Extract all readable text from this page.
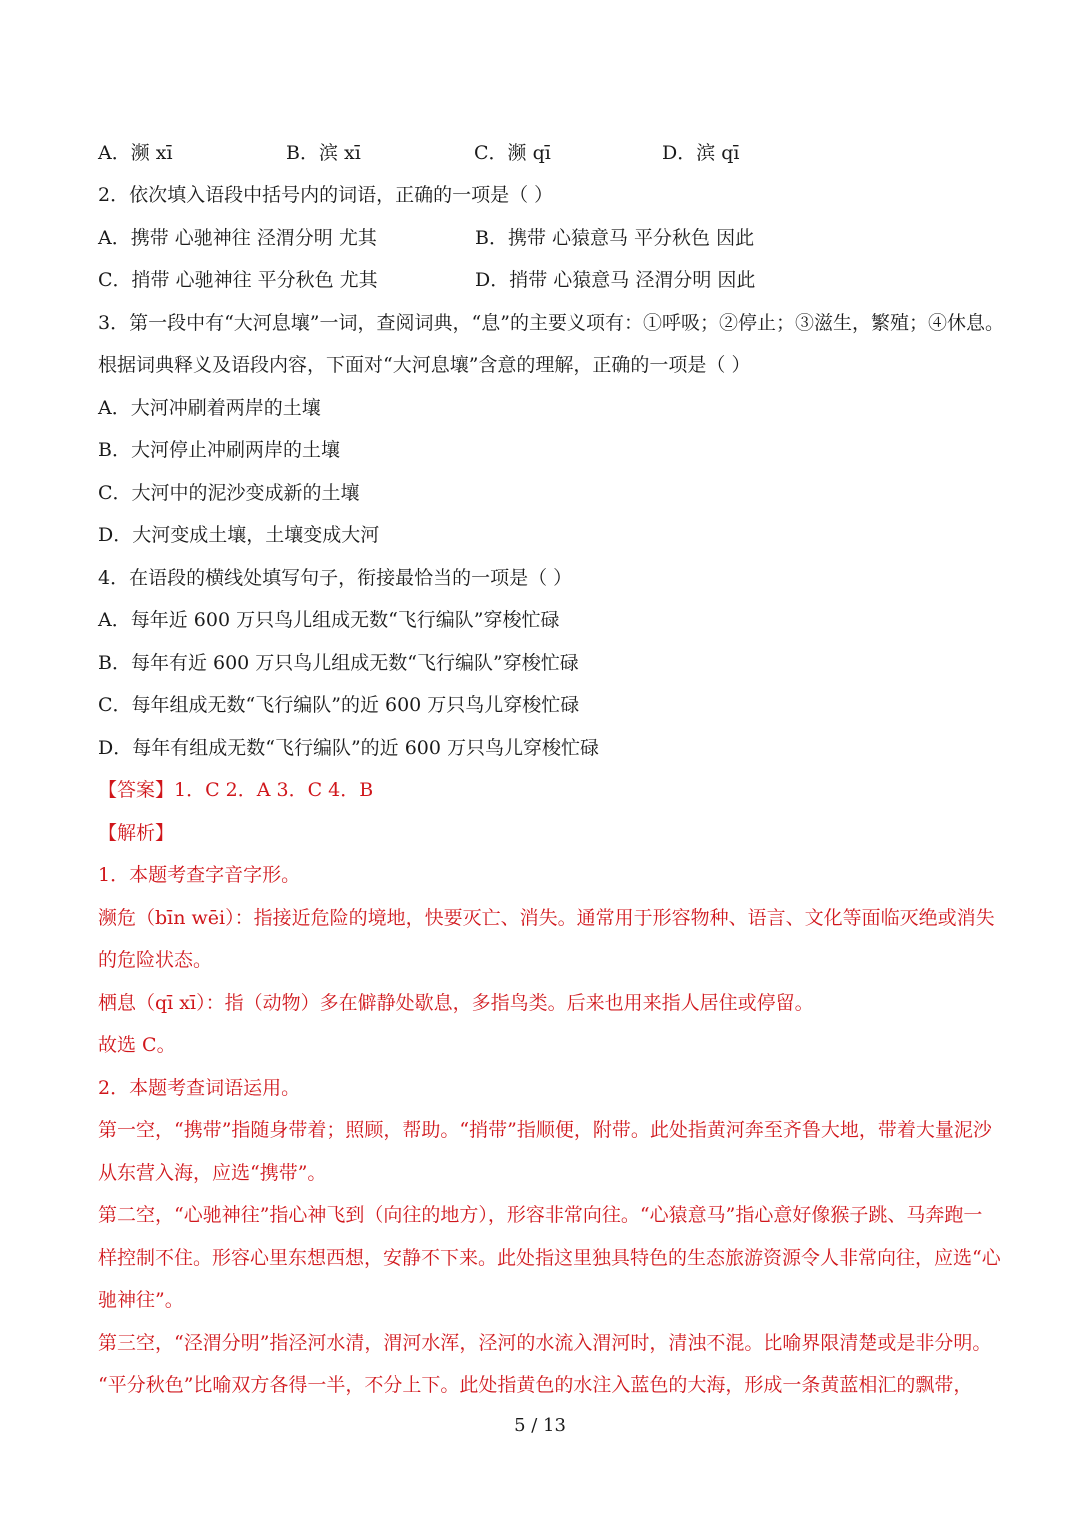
A．濒 xī	B．滨 xī	C．濒 qī	D．滨 qī
2．依次填入语段中括号内的词语，正确的一项是（ ）
A．携带 心驰神往 泾渭分明 尤其	B．携带 心猿意马 平分秋色 因此
C．捎带 心驰神往 平分秋色 尤其	D．捎带 心猿意马 泾渭分明 因此
3．第一段中有“大河息壤”一词，查阅词典，“息”的主要义项有：①呼吸；②停止；③滋生，繁殖；④休息。
根据词典释义及语段内容，下面对“大河息壤”含意的理解，正确的一项是（ ）
A．大河冲刷着两岸的土壤
B．大河停止冲刷两岸的土壤
C．大河中的泥沙变成新的土壤
D．大河变成土壤，土壤变成大河
4．在语段的横线处填写句子，衔接最恰当的一项是（ ）
A．每年近 600 万只鸟儿组成无数“飞行编队”穿梭忙碌
B．每年有近 600 万只鸟儿组成无数“飞行编队”穿梭忙碌
C．每年组成无数“飞行编队”的近 600 万只鸟儿穿梭忙碌
D．每年有组成无数“飞行编队”的近 600 万只鸟儿穿梭忙碌
【答案】1．C 2．A 3．C 4．B
【解析】
1．本题考查字音字形。
濒危（bīn wēi）：指接近危险的境地，快要灭亡、消失。通常用于形容物种、语言、文化等面临灭绝或消失
的危险状态。
栖息（qī xī）：指（动物）多在僻静处歇息，多指鸟类。后来也用来指人居住或停留。
故选 C。
2．本题考查词语运用。
第一空，“携带”指随身带着；照顾，帮助。“捎带”指顺便，附带。此处指黄河奔至齐鲁大地，带着大量泥沙
从东营入海，应选“携带”。
第二空，“心驰神往”指心神飞到（向往的地方），形容非常向往。“心猿意马”指心意好像猴子跳、马奔跑一
样控制不住。形容心里东想西想，安静不下来。此处指这里独具特色的生态旅游资源令人非常向往，应选“心
驰神往”。
第三空，“泾渭分明”指泾河水清，渭河水浑，泾河的水流入渭河时，清浊不混。比喻界限清楚或是非分明。
“平分秋色”比喻双方各得一半，不分上下。此处指黄色的水注入蓝色的大海，形成一条黄蓝相汇的飘带，
5 / 13
